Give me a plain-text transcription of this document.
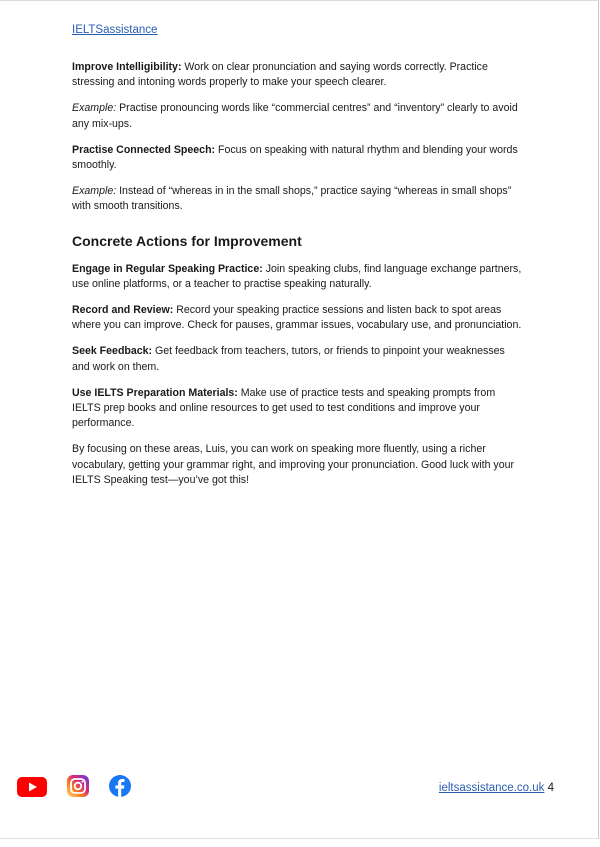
IELTSassistance

Improve Intelligibility: Work on clear pronunciation and saying words correctly. Practice stressing and intoning words properly to make your speech clearer.

Example: Practise pronouncing words like “commercial centres” and “inventory” clearly to avoid any mix-ups.

Practise Connected Speech: Focus on speaking with natural rhythm and blending your words smoothly.

Example: Instead of “whereas in in the small shops,” practice saying “whereas in small shops” with smooth transitions.

Concrete Actions for Improvement

Engage in Regular Speaking Practice: Join speaking clubs, find language exchange partners, use online platforms, or a teacher to practise speaking naturally.

Record and Review: Record your speaking practice sessions and listen back to spot areas where you can improve. Check for pauses, grammar issues, vocabulary use, and pronunciation.

Seek Feedback: Get feedback from teachers, tutors, or friends to pinpoint your weaknesses and work on them.

Use IELTS Preparation Materials: Make use of practice tests and speaking prompts from IELTS prep books and online resources to get used to test conditions and improve your performance.

By focusing on these areas, Luis, you can work on speaking more fluently, using a richer vocabulary, getting your grammar right, and improving your pronunciation. Good luck with your IELTS Speaking test—you’ve got this!

ieltsassistance.co.uk 4
